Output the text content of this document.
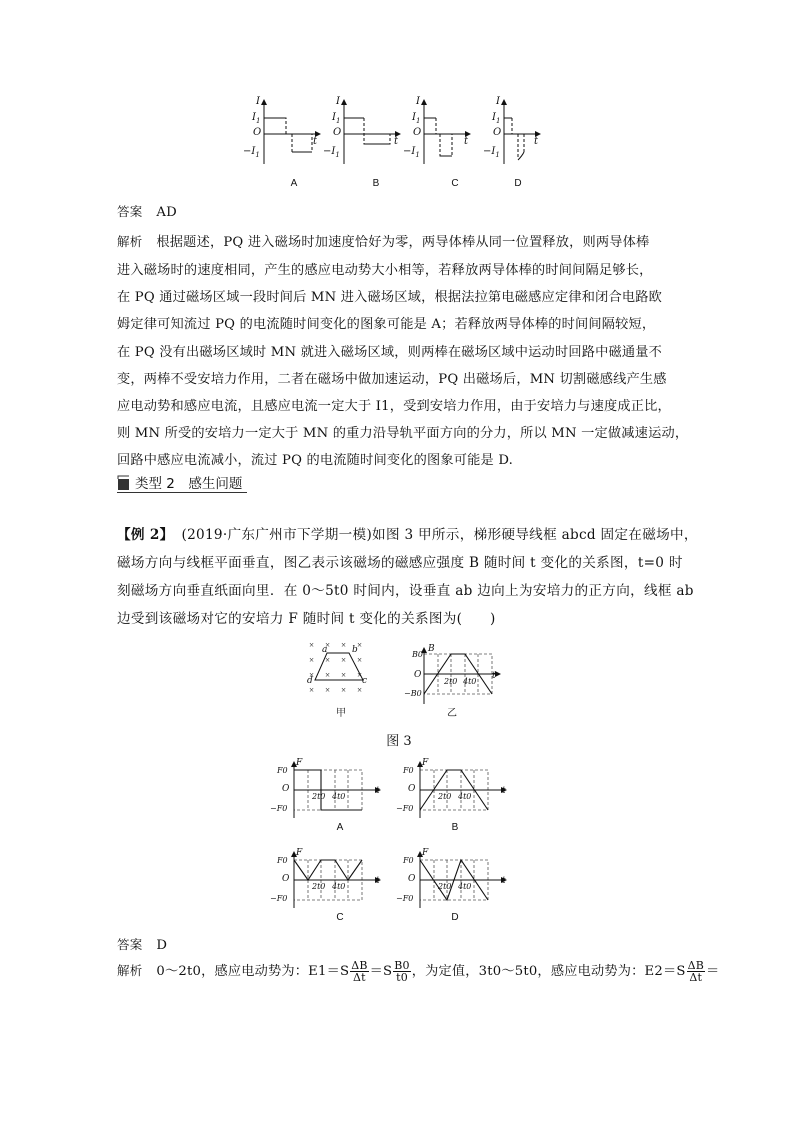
I
$I_1$
O
$-I_1$
t
I
$I_1$
O
$-I_1$
t
I
$I_1$
O
$-I_1$
t
I
$I_1$
O
$-I_1$
t
A	B	C	D
答案 AD
解析 根据题述，PQ 进入磁场时加速度恰好为零，两导体棒从同一位置释放，则两导体棒
进入磁场时的速度相同，产生的感应电动势大小相等，若释放两导体棒的时间间隔足够长，
在 PQ 通过磁场区域一段时间后 MN 进入磁场区域，根据法拉第电磁感应定律和闭合电路欧
姆定律可知流过 PQ 的电流随时间变化的图象可能是 A；若释放两导体棒的时间间隔较短，
在 PQ 没有出磁场区域时 MN 就进入磁场区域，则两棒在磁场区域中运动时回路中磁通量不
变，两棒不受安培力作用，二者在磁场中做加速运动，PQ 出磁场后，MN 切割磁感线产生感
应电动势和感应电流，且感应电流一定大于 I1，受到安培力作用，由于安培力与速度成正比，
则 MN 所受的安培力一定大于 MN 的重力沿导轨平面方向的分力，所以 MN 一定做减速运动，
回路中感应电流减小，流过 PQ 的电流随时间变化的图象可能是 D.
类型 2　感生问题
【例 2】 (2019·广东广州市下学期一模)如图 3 甲所示，梯形硬导线框 abcd 固定在磁场中，
磁场方向与线框平面垂直，图乙表示该磁场的磁感应强度 B 随时间 t 变化的关系图，t=0 时
刻磁场方向垂直纸面向里．在 0～5t0 时间内，设垂直 ab 边向上为安培力的正方向，线框 ab
边受到该磁场对它的安培力 F 随时间 t 变化的关系图为(　　)
× × × ×
× × × ×
× × × ×
× × × ×
a	b
c
d
甲
B
B0
O
−B0
2t0 4t0
t
乙
图 3
F
F0
O
−F0
2t0 4t0
t
A
F
F0
O
−F0
2t0 4t0
t
B
F
F0
O
−F0
2t0 4t0
t
C
F
F0
O
−F0
2t0 4t0
t
D
答案 D
解析 0～2t0，感应电动势为：$E1=S \frac{\Delta B}{\Delta t} =S \frac{B0}{t0}$ ，为定值，3t0～5t0，感应电动势为：$E2=S \frac{\Delta B}{\Delta t}$ ＝
